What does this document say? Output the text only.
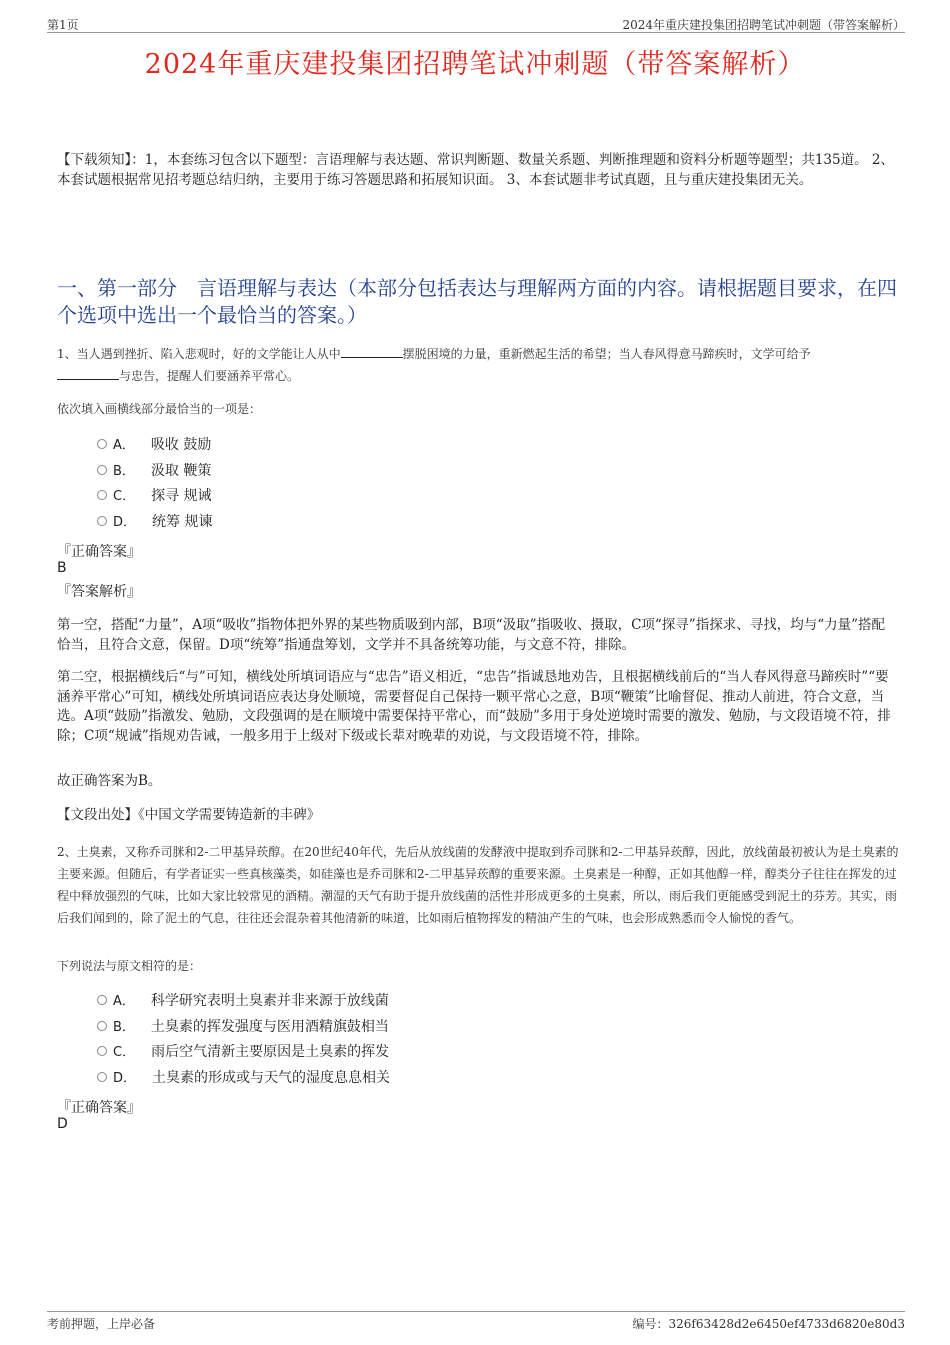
第1页	2024年重庆建投集团招聘笔试冲刺题（带答案解析）
2024年重庆建投集团招聘笔试冲刺题（带答案解析）
【下载须知】：1，本套练习包含以下题型：言语理解与表达题、常识判断题、数量关系题、判断推理题和资料分析题等题型；共135道。 2、本套试题根据常见招考题总结归纳，主要用于练习答题思路和拓展知识面。 3、本套试题非考试真题，且与重庆建投集团无关。
一、第一部分　言语理解与表达（本部分包括表达与理解两方面的内容。请根据题目要求，在四个选项中选出一个最恰当的答案。）
1、当人遇到挫折、陷入悲观时，好的文学能让人从中	摆脱困境的力量，重新燃起生活的希望；当人春风得意马蹄疾时，文学可给予
与忠告，提醒人们要涵养平常心。
依次填入画横线部分最恰当的一项是：
A． 吸收 鼓励
B． 汲取 鞭策
C． 探寻 规诫
D． 统筹 规谏
『正确答案』
B
『答案解析』
第一空，搭配“力量”，A项“吸收”指物体把外界的某些物质吸到内部，B项“汲取”指吸收、摄取，C项“探寻”指探求、寻找，均与“力量”搭配恰当，且符合文意，保留。D项“统筹”指通盘筹划，文学并不具备统筹功能，与文意不符，排除。
第二空，根据横线后“与”可知，横线处所填词语应与“忠告”语义相近，“忠告”指诚恳地劝告，且根据横线前后的“当人春风得意马蹄疾时”“要涵养平常心”可知，横线处所填词语应表达身处顺境，需要督促自己保持一颗平常心之意，B项“鞭策”比喻督促、推动人前进，符合文意，当选。A项“鼓励”指激发、勉励，文段强调的是在顺境中需要保持平常心，而“鼓励”多用于身处逆境时需要的激发、勉励，与文段语境不符，排除；C项“规诫”指规劝告诫，一般多用于上级对下级或长辈对晚辈的劝说，与文段语境不符，排除。
故正确答案为B。
【文段出处】《中国文学需要铸造新的丰碑》
2、土臭素，又称乔司脒和2-二甲基异莰醇。在20世纪40年代，先后从放线菌的发酵液中提取到乔司脒和2-二甲基异莰醇，因此，放线菌最初被认为是土臭素的主要来源。但随后，有学者证实一些真核藻类，如硅藻也是乔司脒和2-二甲基异莰醇的重要来源。土臭素是一种醇，正如其他醇一样，醇类分子往往在挥发的过程中释放强烈的气味，比如大家比较常见的酒精。潮湿的天气有助于提升放线菌的活性并形成更多的土臭素，所以，雨后我们更能感受到泥土的芬芳。其实，雨后我们闻到的，除了泥土的气息，往往还会混杂着其他清新的味道，比如雨后植物挥发的精油产生的气味，也会形成熟悉而令人愉悦的香气。
下列说法与原文相符的是：
A． 科学研究表明土臭素并非来源于放线菌
B． 土臭素的挥发强度与医用酒精旗鼓相当
C． 雨后空气清新主要原因是土臭素的挥发
D． 土臭素的形成或与天气的湿度息息相关
『正确答案』
D
考前押题，上岸必备	编号：326f63428d2e6450ef4733d6820e80d3
